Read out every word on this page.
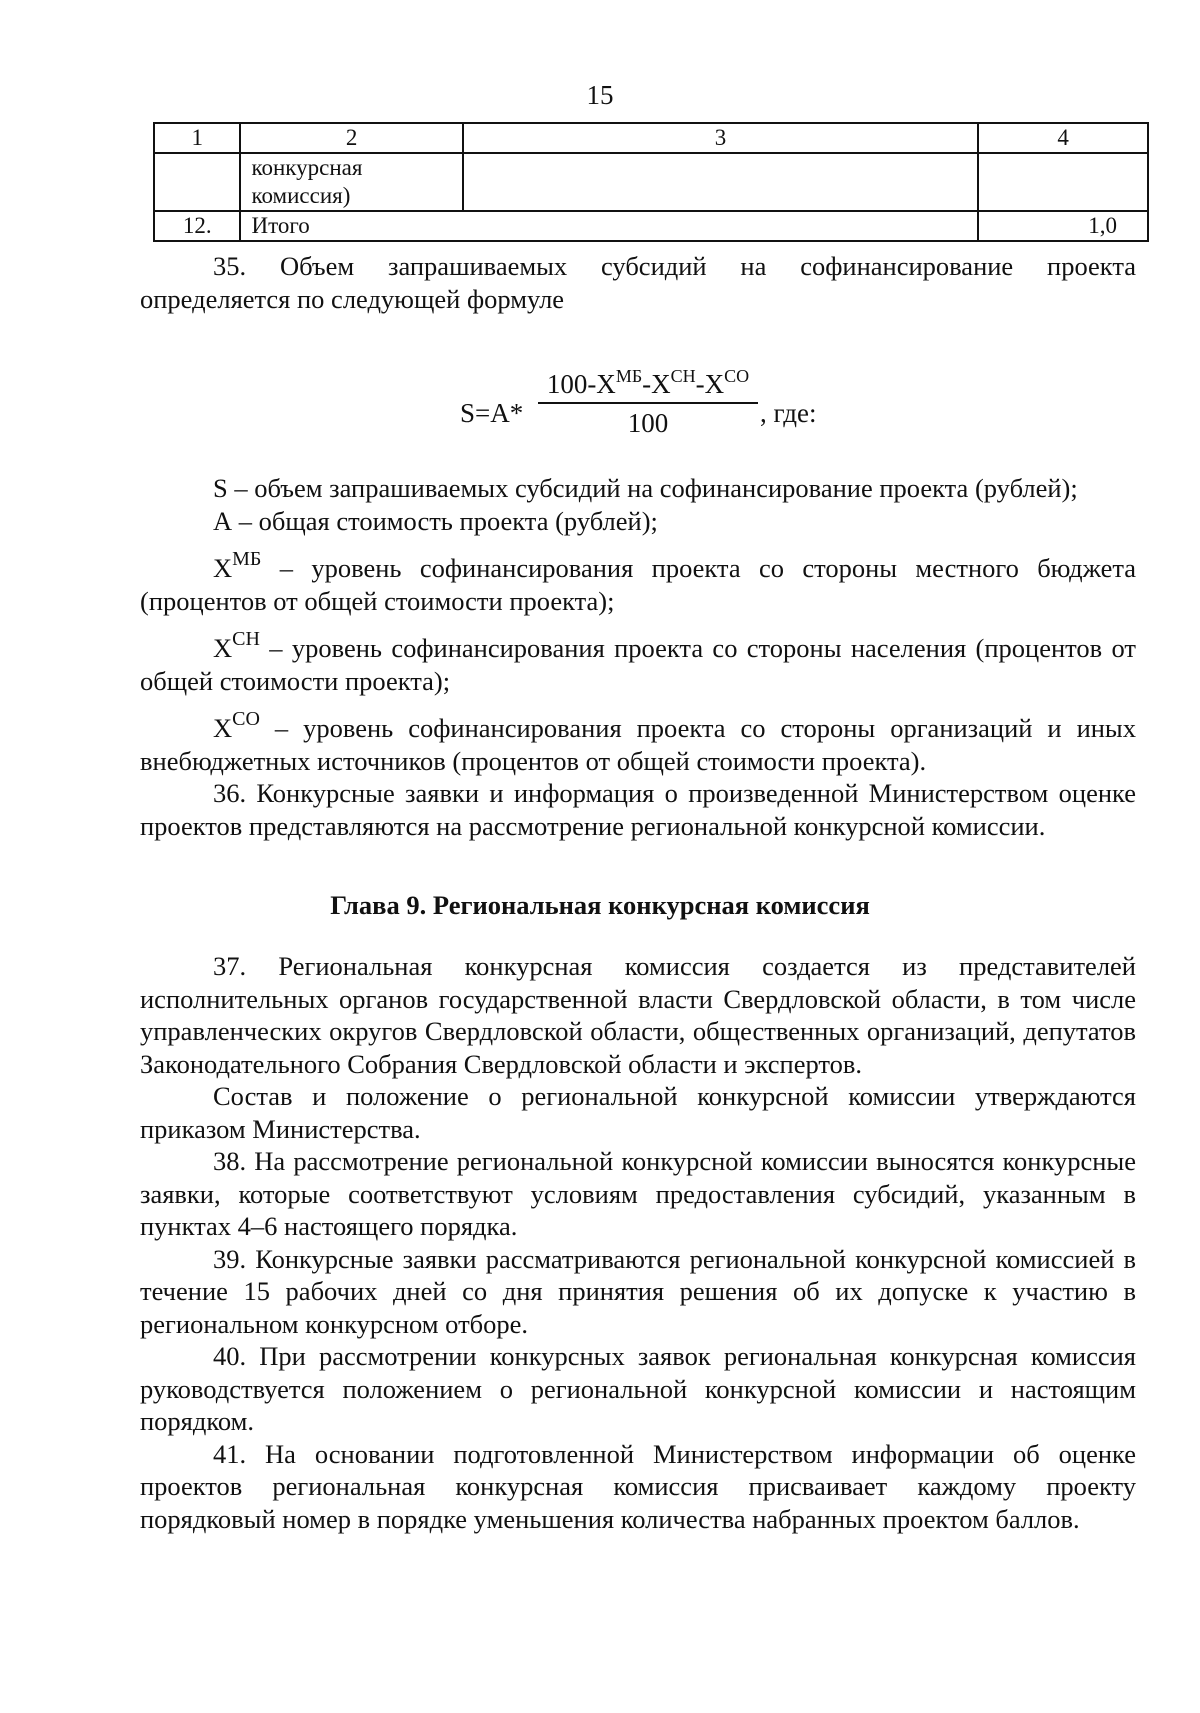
15
1	2	3	4

	конкурсная
комиссия)		

12.	Итого		1,0

35. Объем запрашиваемых субсидий на софинансирование проекта

определяется по следующей формуле

S=A*
$100-X^{МБ}-X^{СН}-X^{СО}$
100	, где:

S – объем запрашиваемых субсидий на софинансирование проекта (рублей);

А – общая стоимость проекта (рублей);

$X^{МБ}$ – уровень софинансирования проекта со стороны местного бюджета (процентов от общей стоимости проекта);

$X^{СН}$ – уровень софинансирования проекта со стороны населения (процентов от общей стоимости проекта);

$X^{СО}$ – уровень софинансирования проекта со стороны организаций и иных внебюджетных источников (процентов от общей стоимости проекта).

36. Конкурсные заявки и информация о произведенной Министерством оценке проектов представляются на рассмотрение региональной конкурсной комиссии.

Глава 9. Региональная конкурсная комиссия

37. Региональная конкурсная комиссия создается из представителей исполнительных органов государственной власти Свердловской области, в том числе управленческих округов Свердловской области, общественных организаций, депутатов Законодательного Собрания Свердловской области и экспертов.

Состав и положение о региональной конкурсной комиссии утверждаются приказом Министерства.

38. На рассмотрение региональной конкурсной комиссии выносятся конкурсные заявки, которые соответствуют условиям предоставления субсидий, указанным в пунктах 4–6 настоящего порядка.

39. Конкурсные заявки рассматриваются региональной конкурсной комиссией в течение 15 рабочих дней со дня принятия решения об их допуске к участию в региональном конкурсном отборе.

40. При рассмотрении конкурсных заявок региональная конкурсная комиссия руководствуется положением о региональной конкурсной комиссии и настоящим порядком.

41. На основании подготовленной Министерством информации об оценке проектов региональная конкурсная комиссия присваивает каждому проекту порядковый номер в порядке уменьшения количества набранных проектом баллов.
